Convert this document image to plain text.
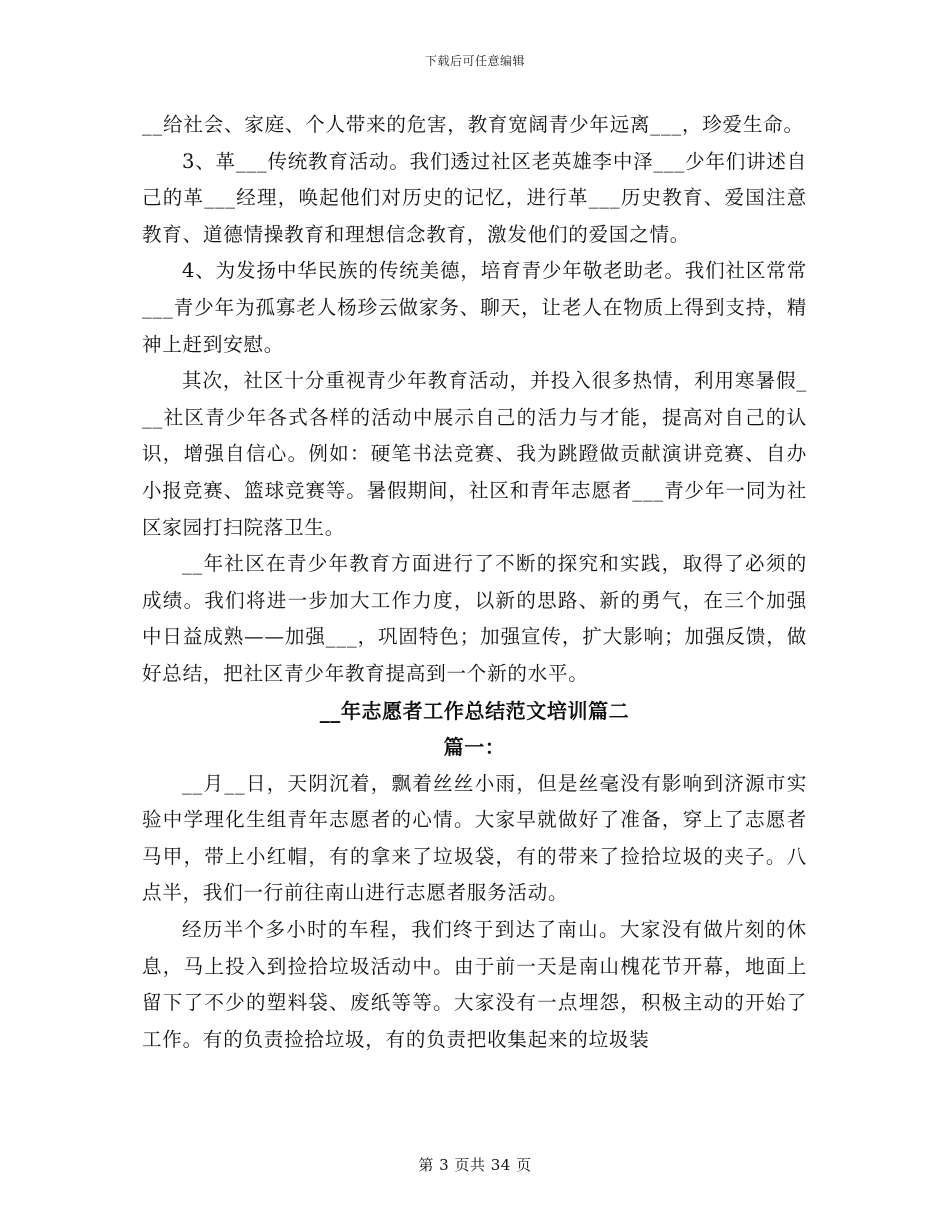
下载后可任意编辑

__给社会、家庭、个人带来的危害，教育宽阔青少年远离___，珍爱生命。

3、革___传统教育活动。我们透过社区老英雄李中泽___少年们讲述自己的革___经理，唤起他们对历史的记忆，进行革___历史教育、爱国注意教育、道德情操教育和理想信念教育，激发他们的爱国之情。

4、为发扬中华民族的传统美德，培育青少年敬老助老。我们社区常常___青少年为孤寡老人杨珍云做家务、聊天，让老人在物质上得到支持，精神上赶到安慰。

其次，社区十分重视青少年教育活动，并投入很多热情，利用寒暑假___社区青少年各式各样的活动中展示自己的活力与才能，提高对自己的认识，增强自信心。例如：硬笔书法竞赛、我为跳蹬做贡献演讲竞赛、自办小报竞赛、篮球竞赛等。暑假期间，社区和青年志愿者___青少年一同为社区家园打扫院落卫生。

__年社区在青少年教育方面进行了不断的探究和实践，取得了必须的成绩。我们将进一步加大工作力度，以新的思路、新的勇气，在三个加强中日益成熟——加强___，巩固特色；加强宣传，扩大影响；加强反馈，做好总结，把社区青少年教育提高到一个新的水平。

__年志愿者工作总结范文培训篇二
篇一：

__月__日，天阴沉着，飘着丝丝小雨，但是丝毫没有影响到济源市实验中学理化生组青年志愿者的心情。大家早就做好了准备，穿上了志愿者马甲，带上小红帽，有的拿来了垃圾袋，有的带来了捡拾垃圾的夹子。八点半，我们一行前往南山进行志愿者服务活动。

经历半个多小时的车程，我们终于到达了南山。大家没有做片刻的休息，马上投入到捡拾垃圾活动中。由于前一天是南山槐花节开幕，地面上留下了不少的塑料袋、废纸等等。大家没有一点埋怨，积极主动的开始了工作。有的负责捡拾垃圾，有的负责把收集起来的垃圾装

第 3 页共 34 页
